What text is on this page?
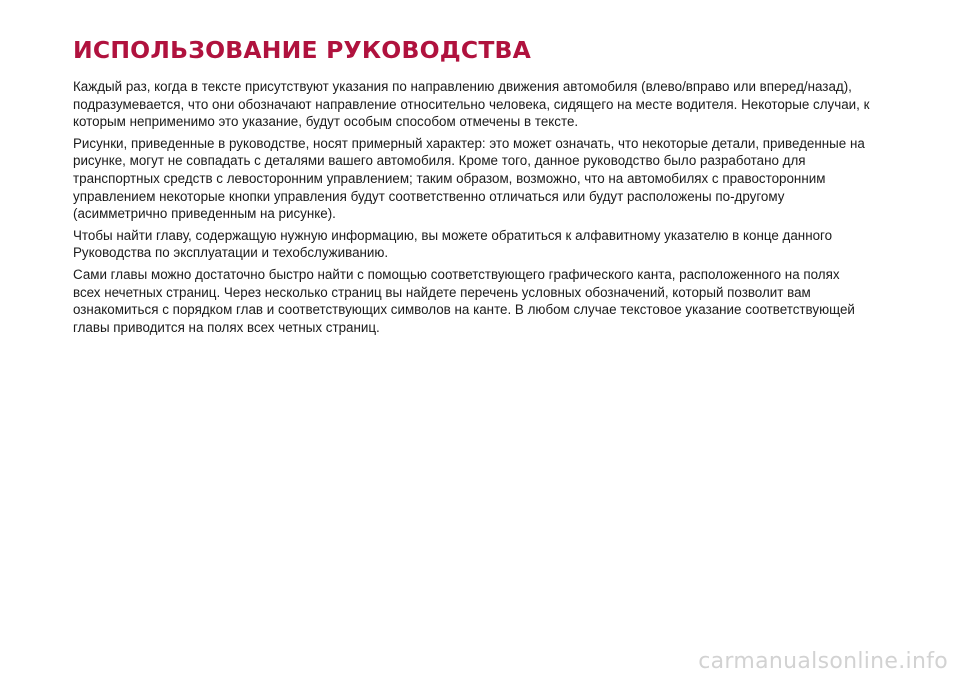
ИСПОЛЬЗОВАНИЕ РУКОВОДСТВА

Каждый раз, когда в тексте присутствуют указания по направлению движения автомобиля (влево/вправо или вперед/назад),
подразумевается, что они обозначают направление относительно человека, сидящего на месте водителя. Некоторые случаи, к
которым неприменимо это указание, будут особым способом отмечены в тексте.

Рисунки, приведенные в руководстве, носят примерный характер: это может означать, что некоторые детали, приведенные на
рисунке, могут не совпадать с деталями вашего автомобиля. Кроме того, данное руководство было разработано для
транспортных средств с левосторонним управлением; таким образом, возможно, что на автомобилях с правосторонним
управлением некоторые кнопки управления будут соответственно отличаться или будут расположены по-другому
(асимметрично приведенным на рисунке).

Чтобы найти главу, содержащую нужную информацию, вы можете обратиться к алфавитному указателю в конце данного
Руководства по эксплуатации и техобслуживанию.

Сами главы можно достаточно быстро найти с помощью соответствующего графического канта, расположенного на полях
всех нечетных страниц. Через несколько страниц вы найдете перечень условных обозначений, который позволит вам
ознакомиться с порядком глав и соответствующих символов на канте. В любом случае текстовое указание соответствующей
главы приводится на полях всех четных страниц.

carmanualsonline.info
